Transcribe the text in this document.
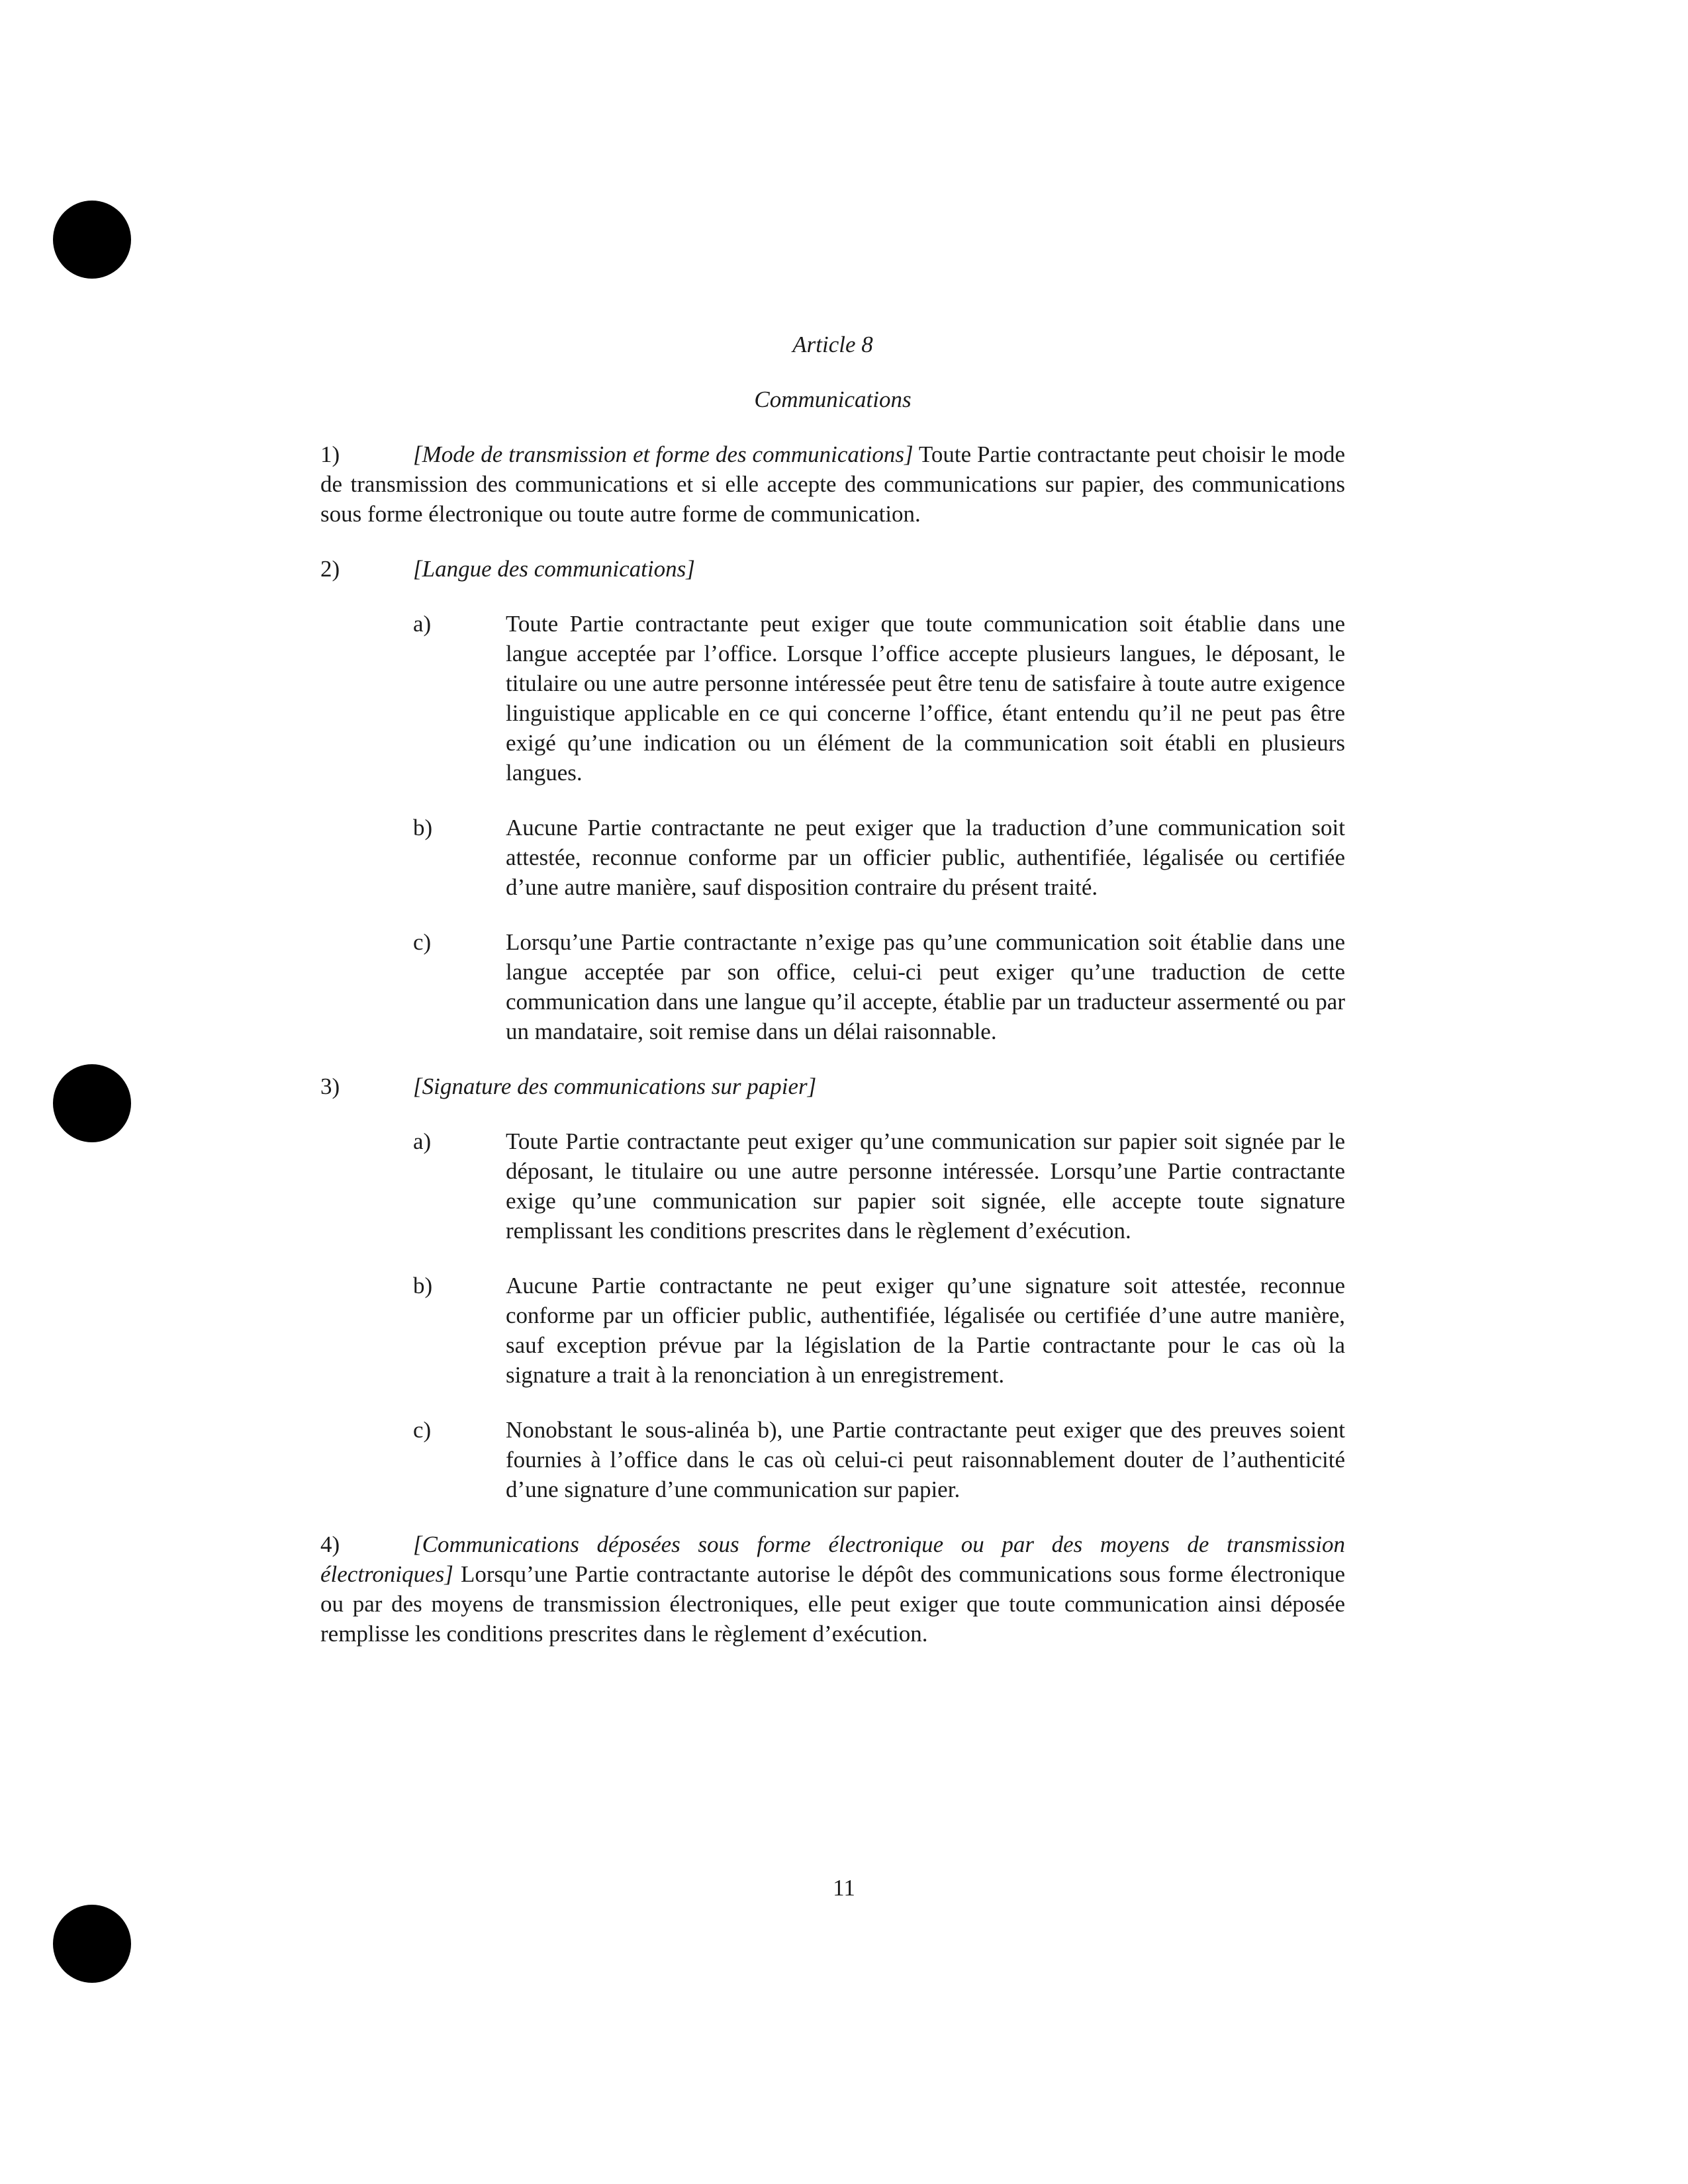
Article 8
Communications
1)	[Mode de transmission et forme des communications] Toute Partie contractante peut choisir le mode de transmission des communications et si elle accepte des communications sur papier, des communications sous forme électronique ou toute autre forme de communication.
2)	[Langue des communications]
a)	Toute Partie contractante peut exiger que toute communication soit établie dans une langue acceptée par l’office. Lorsque l’office accepte plusieurs langues, le déposant, le titulaire ou une autre personne intéressée peut être tenu de satisfaire à toute autre exigence linguistique applicable en ce qui concerne l’office, étant entendu qu’il ne peut pas être exigé qu’une indication ou un élément de la communication soit établi en plusieurs langues.
b)	Aucune Partie contractante ne peut exiger que la traduction d’une communication soit attestée, reconnue conforme par un officier public, authentifiée, légalisée ou certifiée d’une autre manière, sauf disposition contraire du présent traité.
c)	Lorsqu’une Partie contractante n’exige pas qu’une communication soit établie dans une langue acceptée par son office, celui-ci peut exiger qu’une traduction de cette communication dans une langue qu’il accepte, établie par un traducteur assermenté ou par un mandataire, soit remise dans un délai raisonnable.
3)	[Signature des communications sur papier]
a)	Toute Partie contractante peut exiger qu’une communication sur papier soit signée par le déposant, le titulaire ou une autre personne intéressée. Lorsqu’une Partie contractante exige qu’une communication sur papier soit signée, elle accepte toute signature remplissant les conditions prescrites dans le règlement d’exécution.
b)	Aucune Partie contractante ne peut exiger qu’une signature soit attestée, reconnue conforme par un officier public, authentifiée, légalisée ou certifiée d’une autre manière, sauf exception prévue par la législation de la Partie contractante pour le cas où la signature a trait à la renonciation à un enregistrement.
c)	Nonobstant le sous-alinéa b), une Partie contractante peut exiger que des preuves soient fournies à l’office dans le cas où celui-ci peut raisonnablement douter de l’authenticité d’une signature d’une communication sur papier.
4)	[Communications déposées sous forme électronique ou par des moyens de transmission électroniques] Lorsqu’une Partie contractante autorise le dépôt des communications sous forme électronique ou par des moyens de transmission électroniques, elle peut exiger que toute communication ainsi déposée remplisse les conditions prescrites dans le règlement d’exécution.
11
